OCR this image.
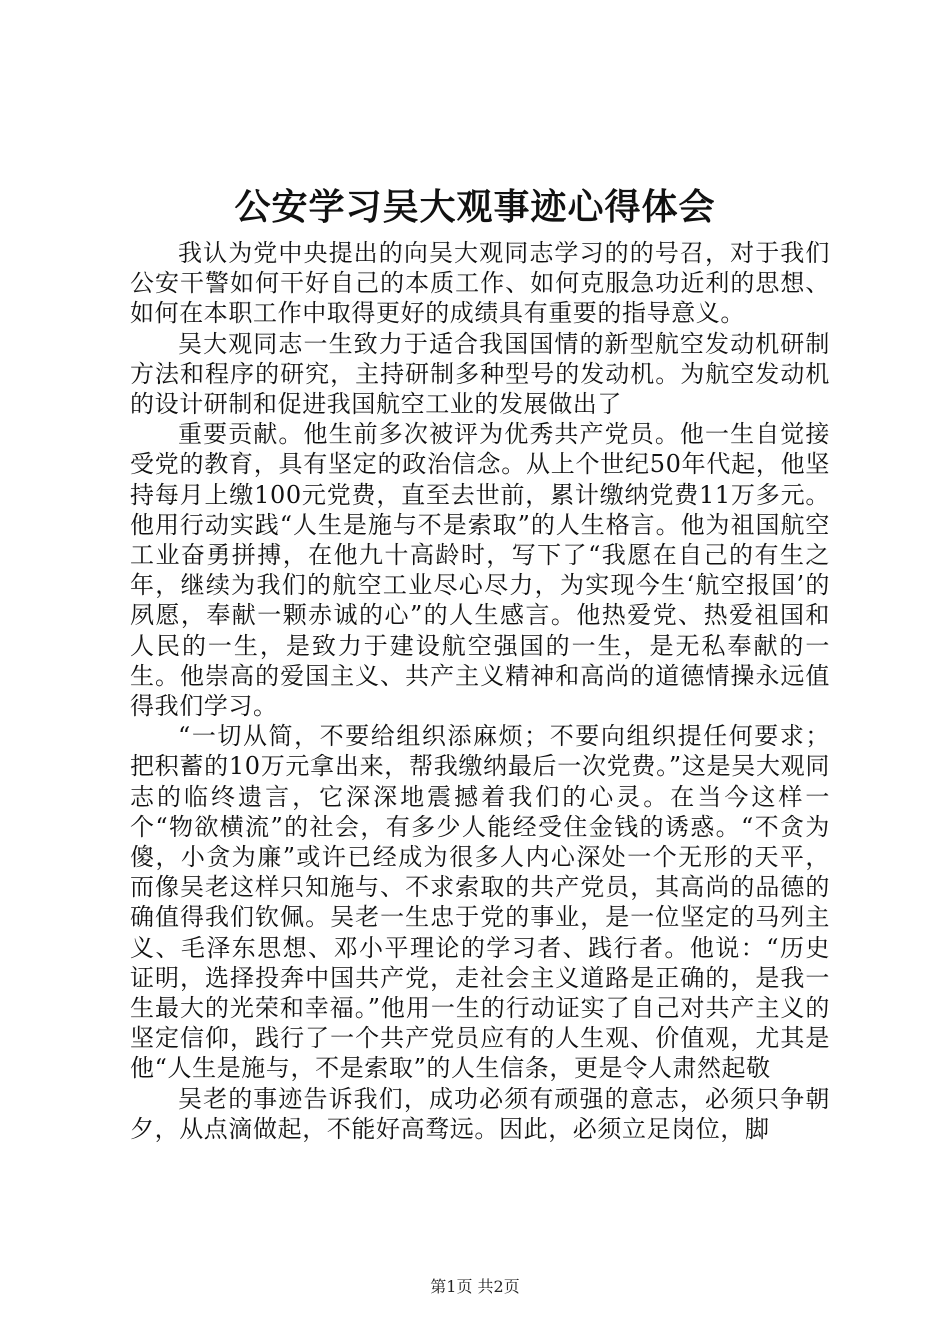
公安学习吴大观事迹心得体会

我认为党中央提出的向吴大观同志学习的的号召，对于我们公安干警如何干好自己的本质工作、如何克服急功近利的思想、如何在本职工作中取得更好的成绩具有重要的指导意义。

吴大观同志一生致力于适合我国国情的新型航空发动机研制方法和程序的研究，主持研制多种型号的发动机。为航空发动机的设计研制和促进我国航空工业的发展做出了

重要贡献。他生前多次被评为优秀共产党员。他一生自觉接受党的教育，具有坚定的政治信念。从上个世纪50年代起，他坚持每月上缴100元党费，直至去世前，累计缴纳党费11万多元。他用行动实践“人生是施与不是索取”的人生格言。他为祖国航空工业奋勇拼搏，在他九十高龄时，写下了“我愿在自己的有生之年，继续为我们的航空工业尽心尽力，为实现今生‘航空报国’的夙愿，奉献一颗赤诚的心”的人生感言。他热爱党、热爱祖国和人民的一生，是致力于建设航空强国的一生，是无私奉献的一生。他崇高的爱国主义、共产主义精神和高尚的道德情操永远值得我们学习。

“一切从简，不要给组织添麻烦；不要向组织提任何要求；把积蓄的10万元拿出来，帮我缴纳最后一次党费。”这是吴大观同志的临终遗言，它深深地震撼着我们的心灵。在当今这样一个“物欲横流”的社会，有多少人能经受住金钱的诱惑。“不贪为傻，小贪为廉”或许已经成为很多人内心深处一个无形的天平，而像吴老这样只知施与、不求索取的共产党员，其高尚的品德的确值得我们钦佩。吴老一生忠于党的事业，是一位坚定的马列主义、毛泽东思想、邓小平理论的学习者、践行者。他说：“历史证明，选择投奔中国共产党，走社会主义道路是正确的，是我一生最大的光荣和幸福。”他用一生的行动证实了自己对共产主义的坚定信仰，践行了一个共产党员应有的人生观、价值观，尤其是他“人生是施与，不是索取”的人生信条，更是令人肃然起敬

吴老的事迹告诉我们，成功必须有顽强的意志，必须只争朝夕，从点滴做起，不能好高骛远。因此，必须立足岗位，脚

第1页 共2页
